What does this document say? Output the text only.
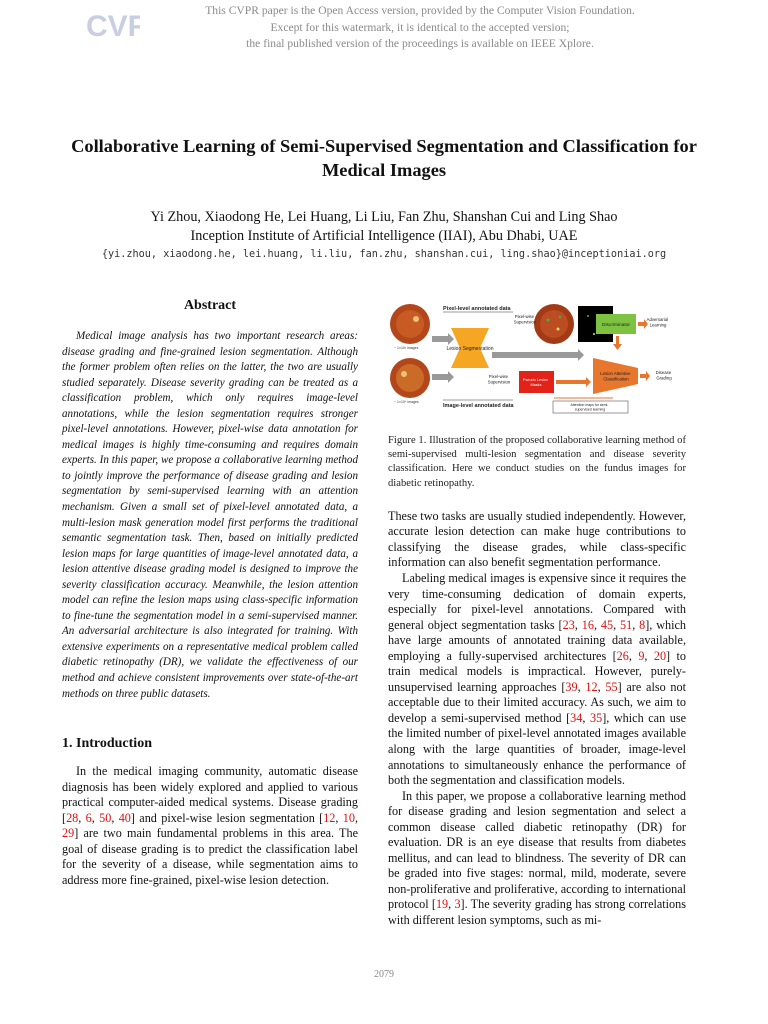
CVF	This CVPR paper is the Open Access version, provided by the Computer Vision Foundation.
Except for this watermark, it is identical to the accepted version;
the final published version of the proceedings is available on IEEE Xplore.
Collaborative Learning of Semi-Supervised Segmentation and Classification for Medical Images
Yi Zhou, Xiaodong He, Lei Huang, Li Liu, Fan Zhu, Shanshan Cui and Ling Shao
Inception Institute of Artificial Intelligence (IIAI), Abu Dhabi, UAE
{yi.zhou, xiaodong.he, lei.huang, li.liu, fan.zhu, shanshan.cui, ling.shao}@inceptioniai.org
Abstract

Medical image analysis has two important research areas: disease grading and fine-grained lesion segmentation. Although the former problem often relies on the latter, the two are usually studied separately. Disease severity grading can be treated as a classification problem, which only requires image-level annotations, while the lesion segmentation requires stronger pixel-level annotations. However, pixel-wise data annotation for medical images is highly time-consuming and requires domain experts. In this paper, we propose a collaborative learning method to jointly improve the performance of disease grading and lesion segmentation by semi-supervised learning with an attention mechanism. Given a small set of pixel-level annotated data, a multi-lesion mask generation model first performs the traditional semantic segmentation task. Then, based on initially predicted lesion maps for large quantities of image-level annotated data, a lesion attentive disease grading model is designed to improve the severity classification accuracy. Meanwhile, the lesion attention model can refine the lesion maps using class-specific information to fine-tune the segmentation model in a semi-supervised manner. An adversarial architecture is also integrated for training. With extensive experiments on a representative medical problem called diabetic retinopathy (DR), we validate the effectiveness of our method and achieve consistent improvements over state-of-the-art methods on three public datasets.

1. Introduction

In the medical imaging community, automatic disease diagnosis has been widely explored and applied to various practical computer-aided medical systems. Disease grading [28, 6, 50, 40] and pixel-wise lesion segmentation [12, 10, 29] are two main fundamental problems in this area. The goal of disease grading is to predict the classification label for the severity of a disease, while segmentation aims to address more fine-grained, pixel-wise lesion detection.

Pixel-level annotated data
~ 1×10² images
Pixel-wise Supervision
Lesion Segmentation
~ 1×10⁴ images
Pixel-wise Supervision	Pseudo Lesion Masks
Image-level annotated data
Discriminator
Adversarial Learning
Lesion Attentive Classification
Disease Grading
Attention maps for semi- supervised learning

Figure 1. Illustration of the proposed collaborative learning method of semi-supervised multi-lesion segmentation and disease severity classification. Here we conduct studies on the fundus images for diabetic retinopathy.

These two tasks are usually studied independently. However, accurate lesion detection can make huge contributions to classifying the disease grades, while class-specific information can also benefit segmentation performance.

Labeling medical images is expensive since it requires the very time-consuming dedication of domain experts, especially for pixel-level annotations. Compared with general object segmentation tasks [23, 16, 45, 51, 8], which have large amounts of annotated training data available, employing a fully-supervised architectures [26, 9, 20] to train medical models is impractical. However, purely-unsupervised learning approaches [39, 12, 55] are also not acceptable due to their limited accuracy. As such, we aim to develop a semi-supervised method [34, 35], which can use the limited number of pixel-level annotated images available along with the large quantities of broader, image-level annotations to simultaneously enhance the performance of both the segmentation and classification models.

In this paper, we propose a collaborative learning method for disease grading and lesion segmentation and select a common disease called diabetic retinopathy (DR) for evaluation. DR is an eye disease that results from diabetes mellitus, and can lead to blindness. The severity of DR can be graded into five stages: normal, mild, moderate, severe non-proliferative and proliferative, according to international protocol [19, 3]. The severity grading has strong correlations with different lesion symptoms, such as mi-

2079
